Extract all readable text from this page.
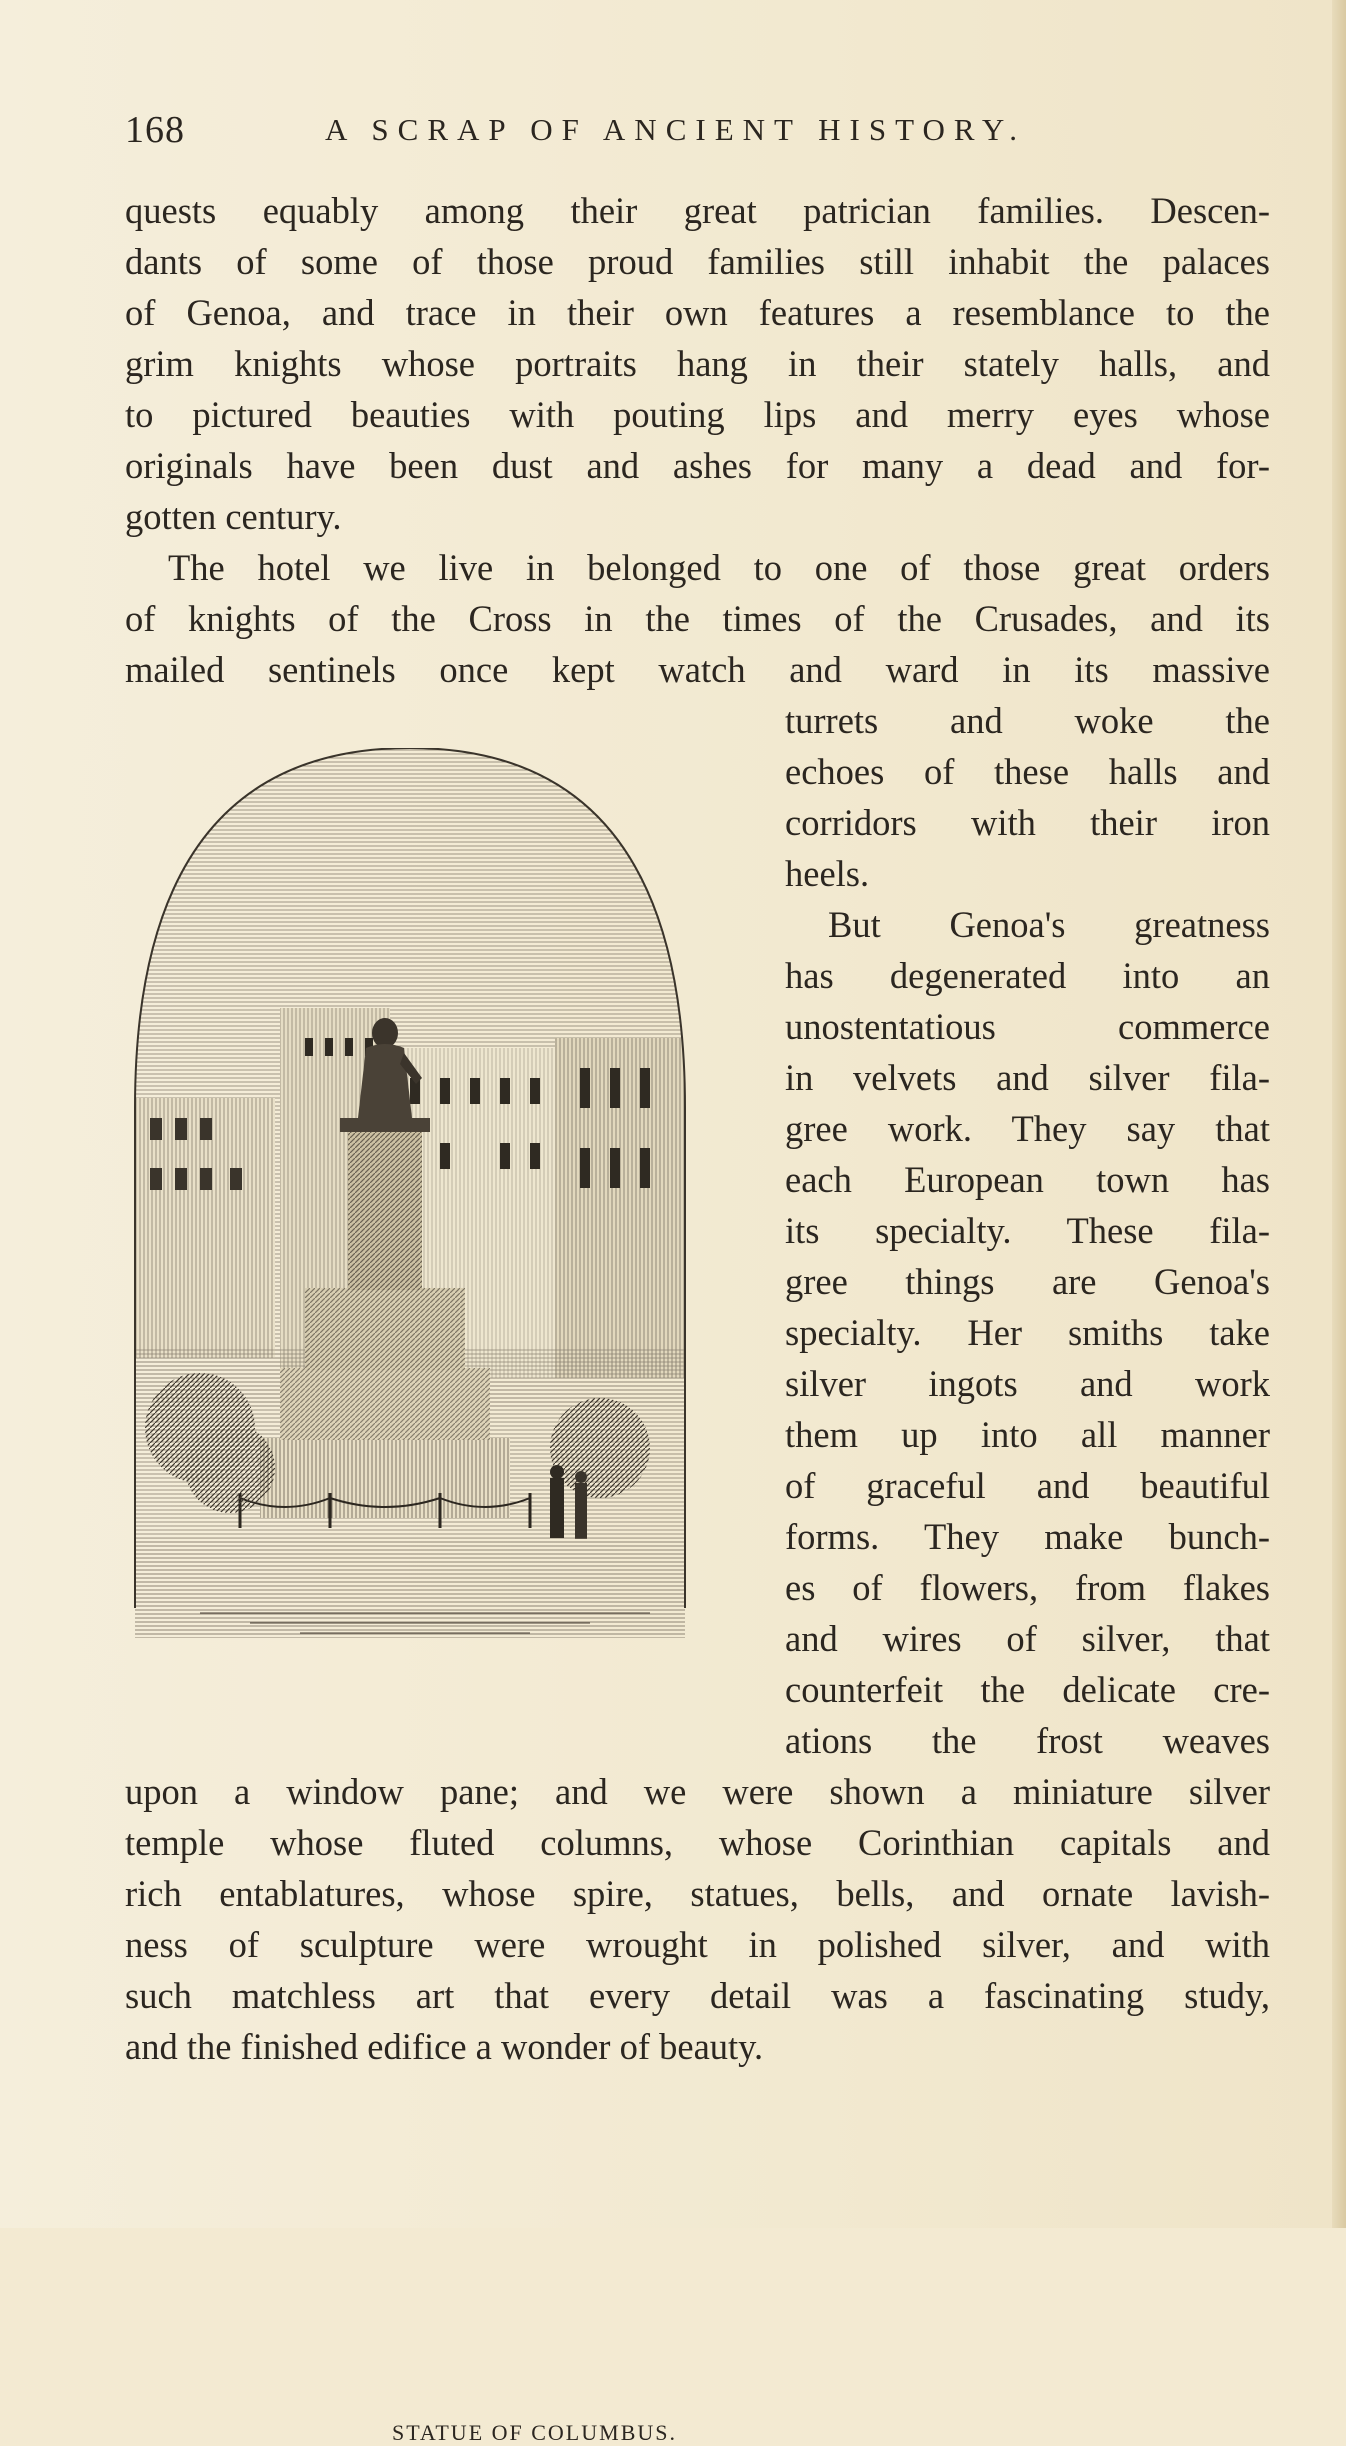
168	A SCRAP OF ANCIENT HISTORY.
quests equably among their great patrician families. Descen-
dants of some of those proud families still inhabit the palaces
of Genoa, and trace in their own features a resemblance to the
grim knights whose portraits hang in their stately halls, and
to pictured beauties with pouting lips and merry eyes whose
originals have been dust and ashes for many a dead and for-
gotten century.
The hotel we live in belonged to one of those great orders
of knights of the Cross in the times of the Crusades, and its
mailed sentinels once kept watch and ward in its massive
turrets and woke the
echoes of these halls and
corridors with their iron
heels.
But Genoa's greatness
has degenerated into an
unostentatious commerce
in velvets and silver fila-
gree work. They say that
each European town has
its specialty. These fila-
gree things are Genoa's
specialty. Her smiths take
silver ingots and work
them up into all manner
of graceful and beautiful
forms. They make bunch-
es of flowers, from flakes
and wires of silver, that
counterfeit the delicate cre-
ations the frost weaves
upon a window pane; and we were shown a miniature silver
temple whose fluted columns, whose Corinthian capitals and
rich entablatures, whose spire, statues, bells, and ornate lavish-
ness of sculpture were wrought in polished silver, and with
such matchless art that every detail was a fascinating study,
and the finished edifice a wonder of beauty.
STATUE OF COLUMBUS.
